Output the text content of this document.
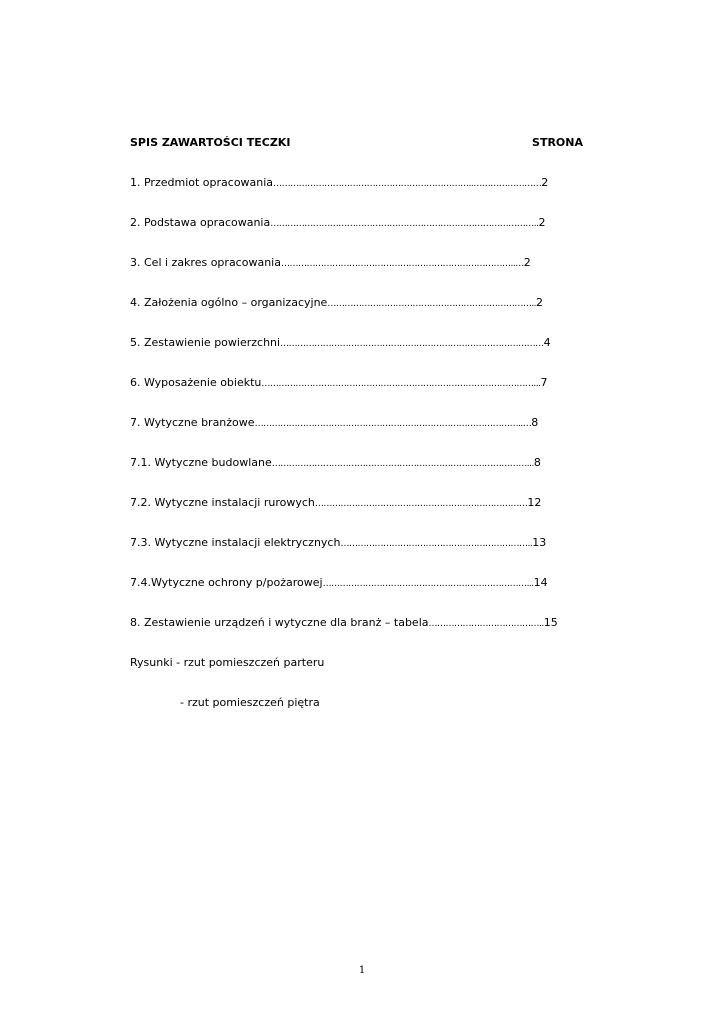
SPIS ZAWARTOŚCI TECZKI	STRONA
1. Przedmiot opracowania……………………………………………………………..……………………2
2. Podstawa opracowania…………………………………………………………………………………..2
3. Cel i zakres opracowania………………………………………………………………………..…2
4. Założenia ogólno – organizacyjne………………………………………………………………..2
5. Zestawienie powierzchni…………………………………………………………………………………4
6. Wyposażenie obiektu……………………………………………………………………………………...7
7. Wytyczne branżowe…………………………………………………………………………………..…8
7.1. Wytyczne budowlane………………………………………………………………………………...8
7.2. Wytyczne instalacji rurowych…………………………………………………………………12
7.3. Wytyczne instalacji elektrycznych…………………………………………………………..13
7.4.Wytyczne ochrony p/pożarowej………………………………………………………………...14
8. Zestawienie urządzeń i wytyczne dla branż – tabela…………………………………..15
Rysunki - rzut pomieszczeń parteru
- rzut pomieszczeń piętra
1
